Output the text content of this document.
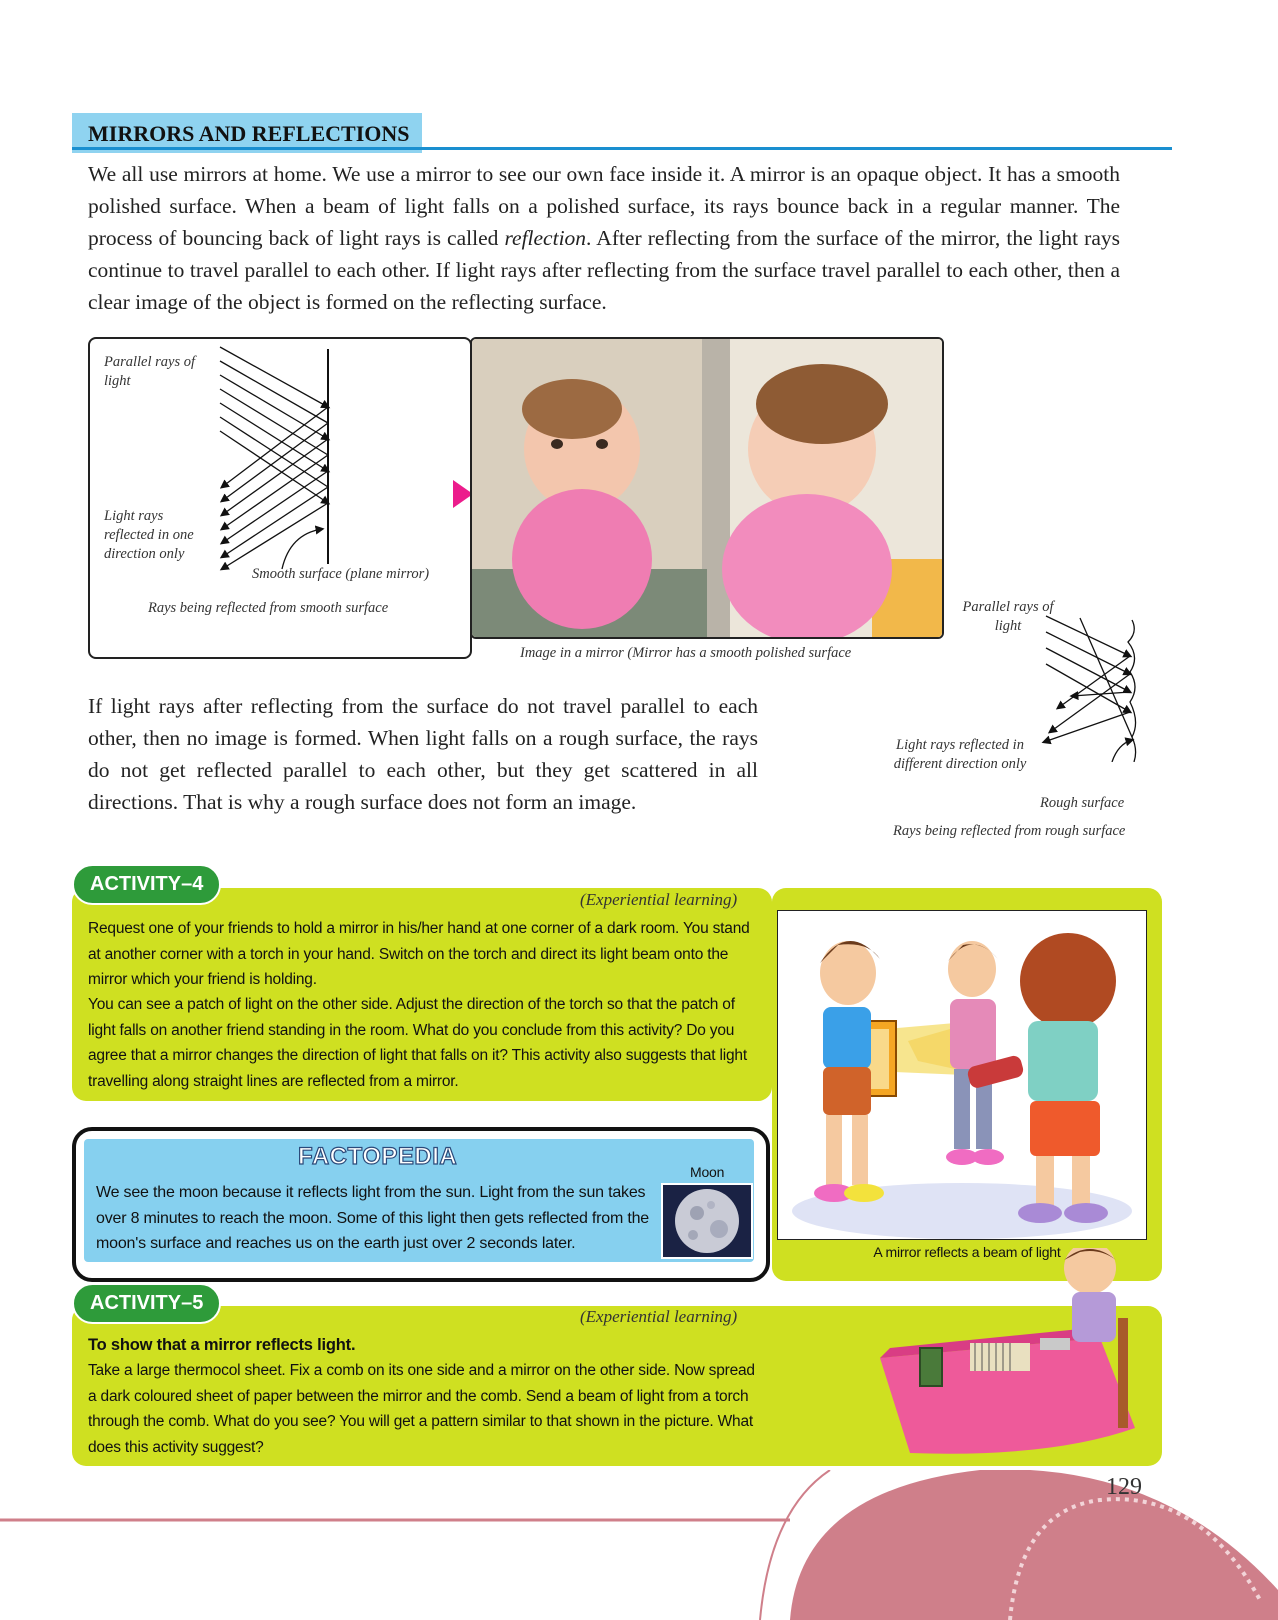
MIRRORS AND REFLECTIONS

We all use mirrors at home. We use a mirror to see our own face inside it. A mirror is an opaque object. It has a smooth polished surface. When a beam of light falls on a polished surface, its rays bounce back in a regular manner. The process of bouncing back of light rays is called reflection. After reflecting from the surface of the mirror, the light rays continue to travel parallel to each other. If light rays after reflecting from the surface travel parallel to each other, then a clear image of the object is formed on the reflecting surface.

Parallel rays of light
Light rays reflected in one direction only
Smooth surface (plane mirror)
Rays being reflected from smooth surface
Image in a mirror (Mirror has a smooth polished surface
Parallel rays of light
Light rays reflected in different direction only
Rough surface
Rays being reflected from rough surface

If light rays after reflecting from the surface do not travel parallel to each other, then no image is formed. When light falls on a rough surface, the rays do not get reflected parallel to each other, but they get scattered in all directions. That is why a rough surface does not form an image.

ACTIVITY–4
(Experiential learning)
Request one of your friends to hold a mirror in his/her hand at one corner of a dark room. You stand at another corner with a torch in your hand. Switch on the torch and direct its light beam onto the mirror which your friend is holding.
You can see a patch of light on the other side. Adjust the direction of the torch so that the patch of light falls on another friend standing in the room. What do you conclude from this activity? Do you agree that a mirror changes the direction of light that falls on it? This activity also suggests that light travelling along straight lines are reflected from a mirror.
A mirror reflects a beam of light
FACTOPEDIA
We see the moon because it reflects light from the sun. Light from the sun takes over 8 minutes to reach the moon. Some of this light then gets reflected from the moon's surface and reaches us on the earth just over 2 seconds later.
Moon
ACTIVITY–5
(Experiential learning)
To show that a mirror reflects light.
Take a large thermocol sheet. Fix a comb on its one side and a mirror on the other side. Now spread a dark coloured sheet of paper between the mirror and the comb. Send a beam of light from a torch through the comb. What do you see? You will get a pattern similar to that shown in the picture. What does this activity suggest?
129
